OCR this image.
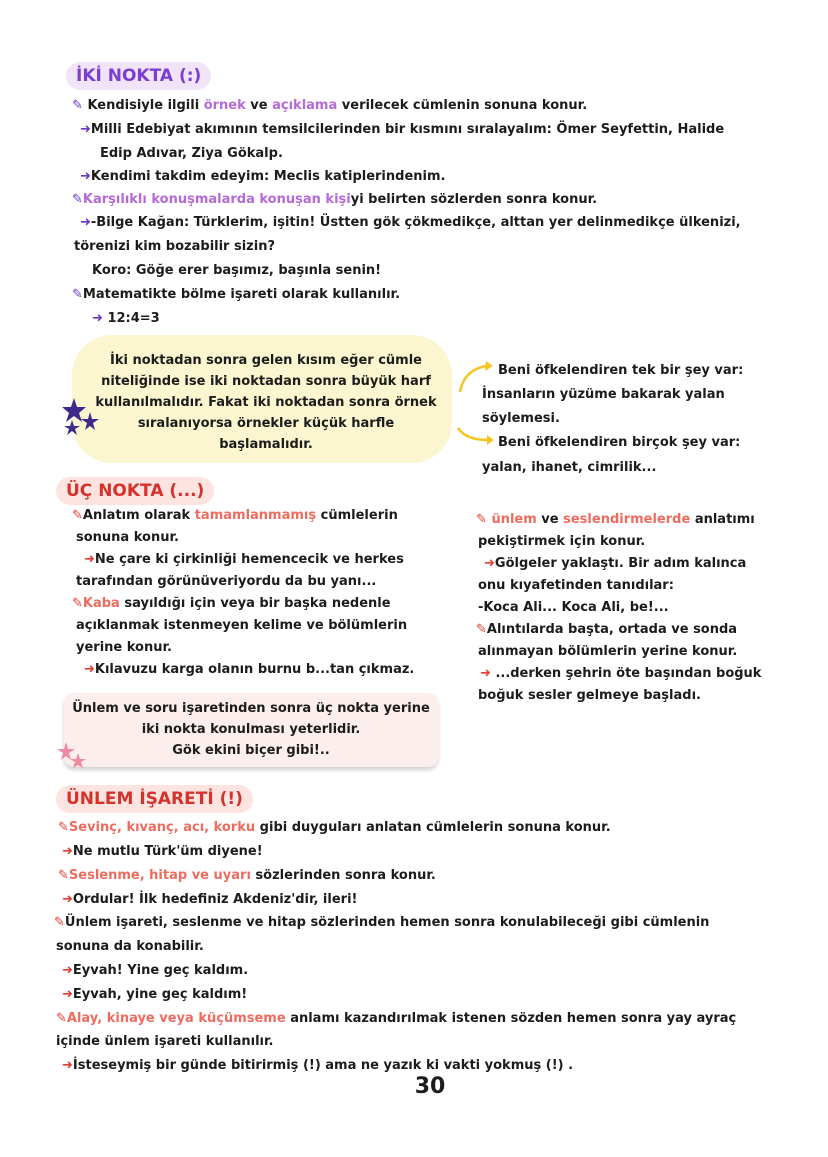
İKİ NOKTA (:)
✎ Kendisiyle ilgili örnek ve açıklama verilecek cümlenin sonuna konur.
➜Milli Edebiyat akımının temsilcilerinden bir kısmını sıralayalım: Ömer Seyfettin, Halide
Edip Adıvar, Ziya Gökalp.
➜Kendimi takdim edeyim: Meclis katiplerindenim.
✎Karşılıklı konuşmalarda konuşan kişiyi belirten sözlerden sonra konur.
➜-Bilge Kağan: Türklerim, işitin! Üstten gök çökmedikçe, alttan yer delinmedikçe ülkenizi,
törenizi kim bozabilir sizin?
Koro: Göğe erer başımız, başınla senin!
✎Matematikte bölme işareti olarak kullanılır.
➜ 12:4=3
İki noktadan sonra gelen kısım eğer cümle
niteliğinde ise iki noktadan sonra büyük harf
kullanılmalıdır. Fakat iki noktadan sonra örnek
sıralanıyorsa örnekler küçük harfle
başlamalıdır.
Beni öfkelendiren tek bir şey var:
İnsanların yüzüme bakarak yalan
söylemesi.
Beni öfkelendiren birçok şey var:
yalan, ihanet, cimrilik...
ÜÇ NOKTA (...)
✎Anlatım olarak tamamlanmamış cümlelerin
sonuna konur.
➜Ne çare ki çirkinliği hemencecik ve herkes
tarafından görünüveriyordu da bu yanı...
✎Kaba sayıldığı için veya bir başka nedenle
açıklanmak istenmeyen kelime ve bölümlerin
yerine konur.
➜Kılavuzu karga olanın burnu b...tan çıkmaz.
✎ ünlem ve seslendirmelerde anlatımı
pekiştirmek için konur.
➜Gölgeler yaklaştı. Bir adım kalınca
onu kıyafetinden tanıdılar:
-Koca Ali... Koca Ali, be!...
✎Alıntılarda başta, ortada ve sonda
alınmayan bölümlerin yerine konur.
➜ ...derken şehrin öte başından boğuk
boğuk sesler gelmeye başladı.
Ünlem ve soru işaretinden sonra üç nokta yerine
iki nokta konulması yeterlidir.
Gök ekini biçer gibi!..
ÜNLEM İŞARETİ (!)
✎Sevinç, kıvanç, acı, korku gibi duyguları anlatan cümlelerin sonuna konur.
➜Ne mutlu Türk'üm diyene!
✎Seslenme, hitap ve uyarı sözlerinden sonra konur.
➜Ordular! İlk hedefiniz Akdeniz'dir, ileri!
✎Ünlem işareti, seslenme ve hitap sözlerinden hemen sonra konulabileceği gibi cümlenin
sonuna da konabilir.
➜Eyvah! Yine geç kaldım.
➜Eyvah, yine geç kaldım!
✎Alay, kinaye veya küçümseme anlamı kazandırılmak istenen sözden hemen sonra yay ayraç
içinde ünlem işareti kullanılır.
➜İsteseymiş bir günde bitirirmiş (!) ama ne yazık ki vakti yokmuş (!) .
30
